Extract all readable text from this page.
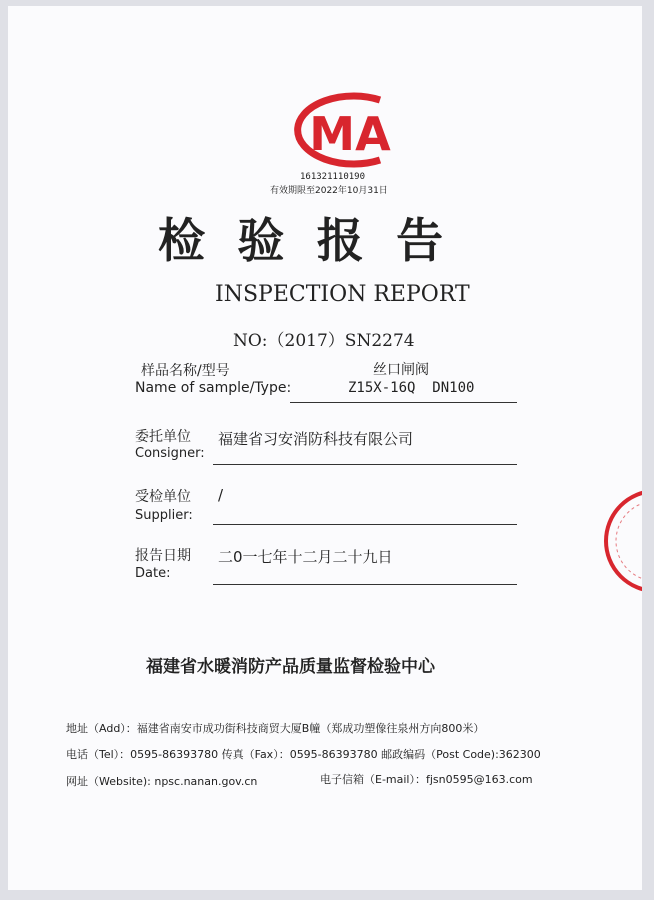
MA
161321110190
有效期限至2022年10月31日
检 验 报 告
INSPECTION REPORT
NO:（2017）SN2274
样品名称/型号
Name of sample/Type:
丝口闸阀
Z15X-16Q  DN100
委托单位
Consigner:
福建省习安消防科技有限公司
受检单位
Supplier:
/
报告日期
Date:
二0一七年十二月二十九日
福建省水暖消防产品质量监督检验中心
地址（Add）：福建省南安市成功街科技商贸大厦B幢（郑成功塑像往泉州方向800米）
电话（Tel）：0595-86393780 传真（Fax）：0595-86393780 邮政编码（Post Code):362300
网址（Website): npsc.nanan.gov.cn	电子信箱（E-mail）：fjsn0595@163.com
